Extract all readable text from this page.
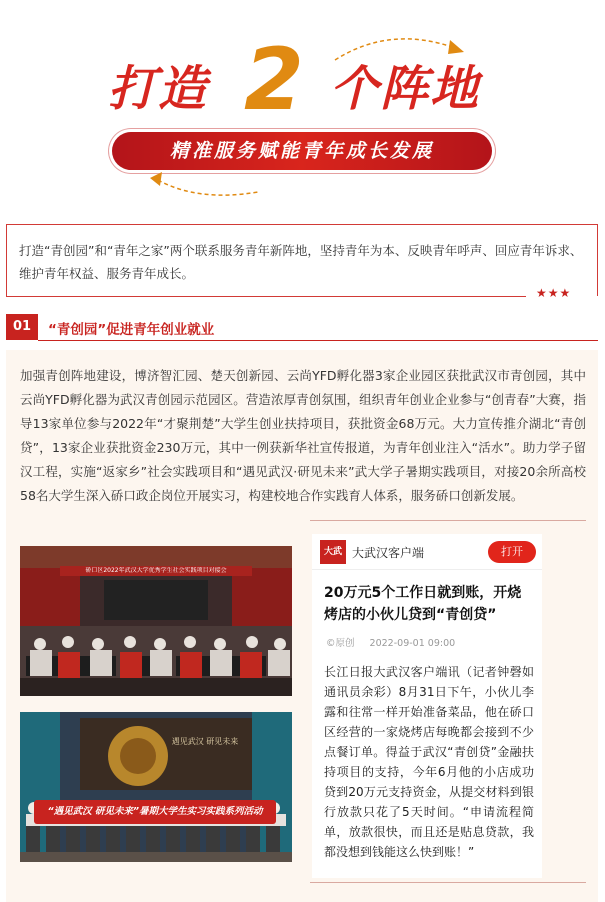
打造 2 个阵地
精准服务赋能青年成长发展
打造“青创园”和“青年之家”两个联系服务青年新阵地，坚持青年为本、反映青年呼声、回应青年诉求、维护青年权益、服务青年成长。
★★★
01	“青创园”促进青年创业就业
加强青创阵地建设，博济智汇园、楚天创新园、云尚YFD孵化器3家企业园区获批武汉市青创园，其中云尚YFD孵化器为武汉青创园示范园区。营造浓厚青创氛围，组织青年创业企业参与“创青春”大赛，指导13家单位参与2022年“才聚荆楚”大学生创业扶持项目，获批资金68万元。大力宣传推介湖北“青创贷”，13家企业获批资金230万元，其中一例获新华社宣传报道，为青年创业注入“活水”。助力学子留汉工程，实施“返家乡”社会实践项目和“遇见武汉·研见未来”武大学子暑期实践项目，对接20余所高校58名大学生深入硚口政企岗位开展实习，构建校地合作实践育人体系，服务硚口创新发展。
硚口区2022年武汉大学优秀学生社会实践项目对接会
遇见武汉 研见未来
“遇见武汉 研见未来”暑期大学生实习实践系列活动
大武汉
大武汉客户端	打开
20万元5个工作日就到账，开烧烤店的小伙儿贷到“青创贷”
©原创 2022-09-01 09:00
长江日报大武汉客户端讯（记者钟磬如　通讯员余彩）8月31日下午，小伙儿李露和往常一样开始准备菜品，他在硚口区经营的一家烧烤店每晚都会接到不少点餐订单。得益于武汉“青创贷”金融扶持项目的支持，今年6月他的小店成功贷到20万元支持资金，从提交材料到银行放款只花了5天时间。“申请流程简单，放款很快，而且还是贴息贷款，我都没想到钱能这么快到账！”
